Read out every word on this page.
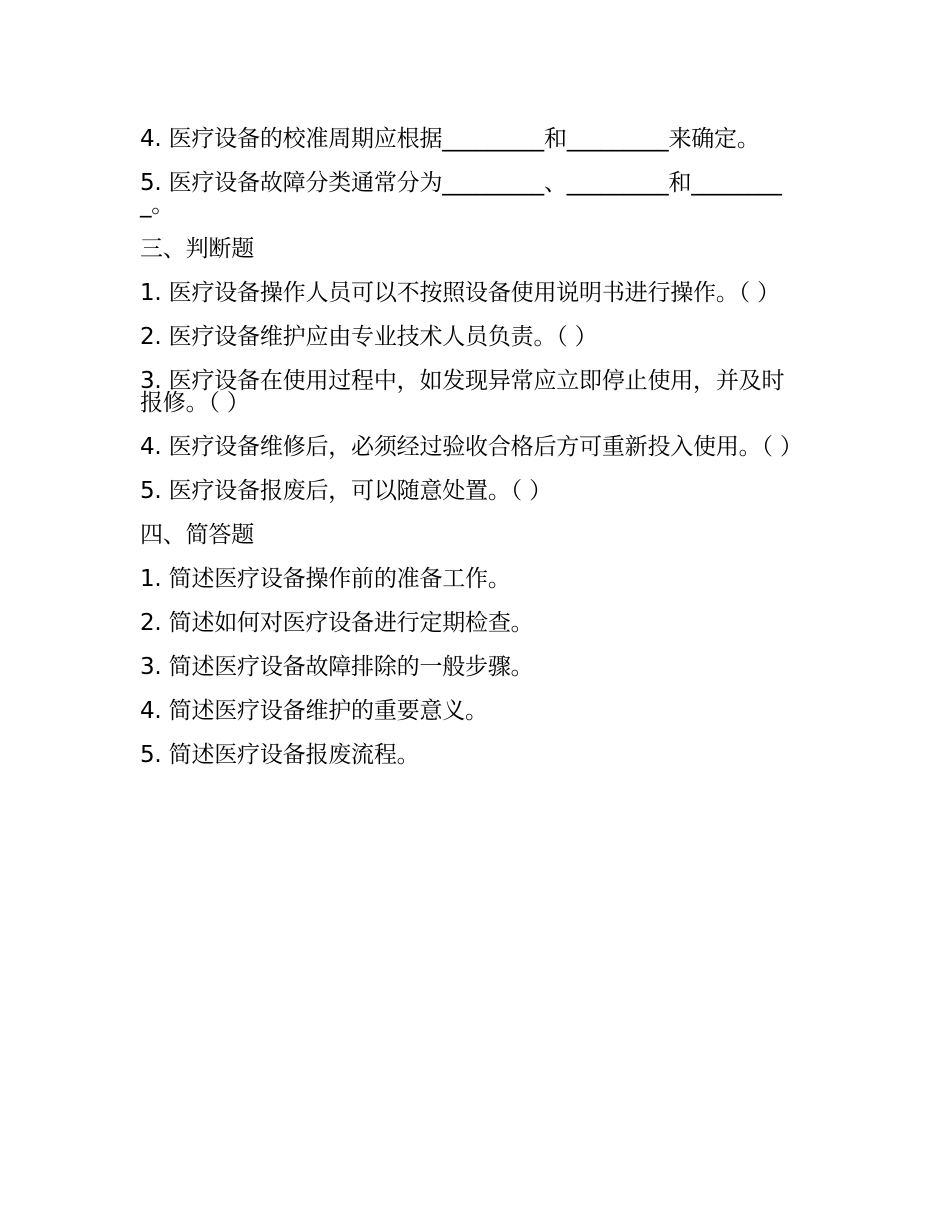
4. 医疗设备的校准周期应根据_________和_________来确定。
5. 医疗设备故障分类通常分为_________、_________和_________。
三、判断题
1. 医疗设备操作人员可以不按照设备使用说明书进行操作。（ ）
2. 医疗设备维护应由专业技术人员负责。（ ）
3. 医疗设备在使用过程中，如发现异常应立即停止使用，并及时报修。（ ）
4. 医疗设备维修后，必须经过验收合格后方可重新投入使用。（ ）
5. 医疗设备报废后，可以随意处置。（ ）
四、简答题
1. 简述医疗设备操作前的准备工作。
2. 简述如何对医疗设备进行定期检查。
3. 简述医疗设备故障排除的一般步骤。
4. 简述医疗设备维护的重要意义。
5. 简述医疗设备报废流程。
